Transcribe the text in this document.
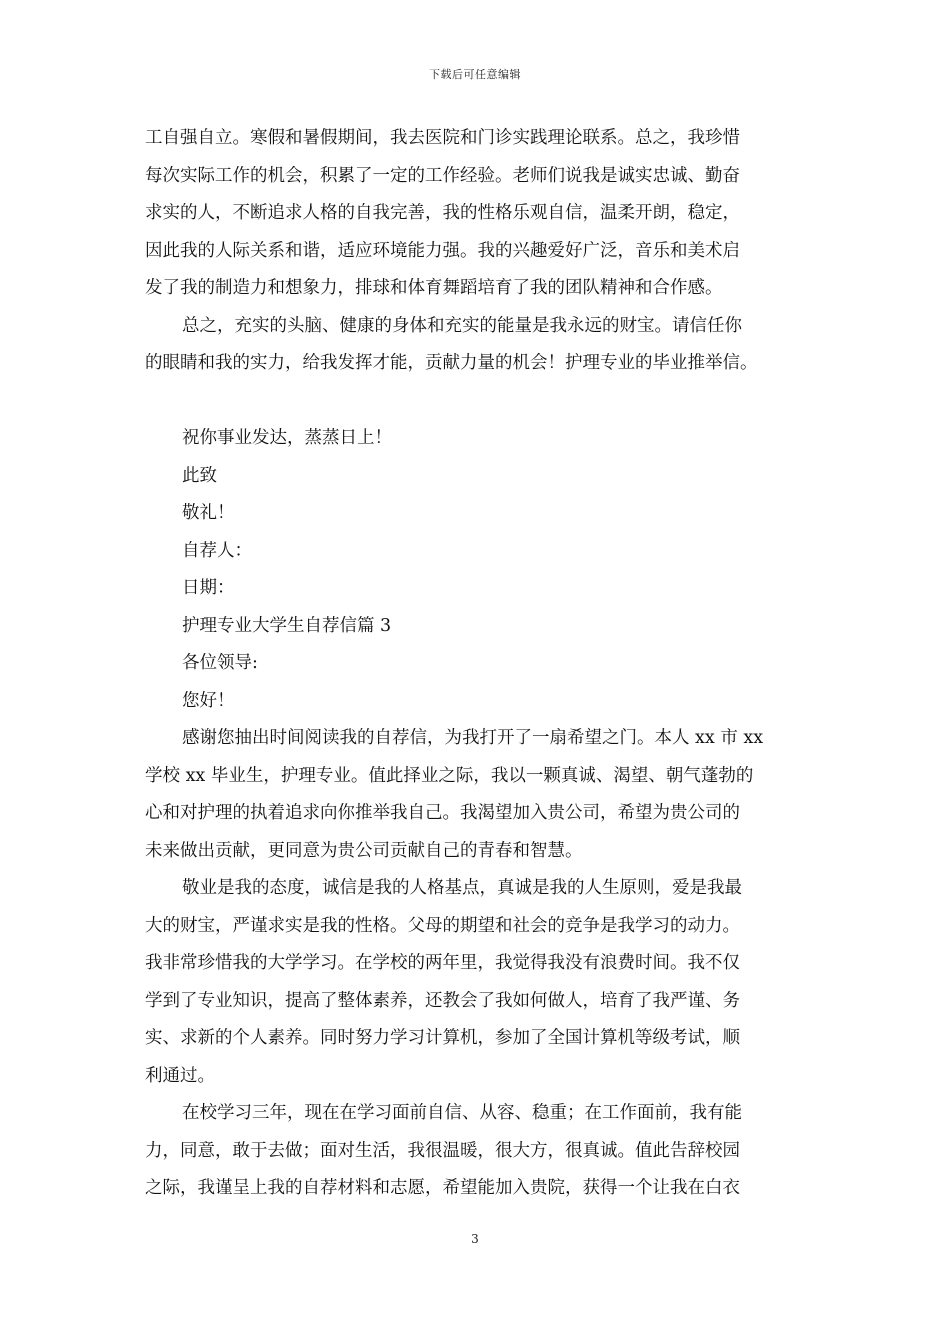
下载后可任意编辑
工自强自立。寒假和暑假期间，我去医院和门诊实践理论联系。总之，我珍惜
每次实际工作的机会，积累了一定的工作经验。老师们说我是诚实忠诚、勤奋
求实的人，不断追求人格的自我完善，我的性格乐观自信，温柔开朗，稳定，
因此我的人际关系和谐，适应环境能力强。我的兴趣爱好广泛，音乐和美术启
发了我的制造力和想象力，排球和体育舞蹈培育了我的团队精神和合作感。
总之，充实的头脑、健康的身体和充实的能量是我永远的财宝。请信任你
的眼睛和我的实力，给我发挥才能，贡献力量的机会！护理专业的毕业推举信。
祝你事业发达，蒸蒸日上！
此致
敬礼！
自荐人：
日期：
护理专业大学生自荐信篇 3
各位领导:
您好！
感谢您抽出时间阅读我的自荐信，为我打开了一扇希望之门。本人 xx 市 xx
学校 xx 毕业生，护理专业。值此择业之际，我以一颗真诚、渴望、朝气蓬勃的
心和对护理的执着追求向你推举我自己。我渴望加入贵公司，希望为贵公司的
未来做出贡献，更同意为贵公司贡献自己的青春和智慧。
敬业是我的态度，诚信是我的人格基点，真诚是我的人生原则，爱是我最
大的财宝，严谨求实是我的性格。父母的期望和社会的竞争是我学习的动力。
我非常珍惜我的大学学习。在学校的两年里，我觉得我没有浪费时间。我不仅
学到了专业知识，提高了整体素养，还教会了我如何做人，培育了我严谨、务
实、求新的个人素养。同时努力学习计算机，参加了全国计算机等级考试，顺
利通过。
在校学习三年，现在在学习面前自信、从容、稳重；在工作面前，我有能
力，同意，敢于去做；面对生活，我很温暖，很大方，很真诚。值此告辞校园
之际，我谨呈上我的自荐材料和志愿，希望能加入贵院，获得一个让我在白衣
3
